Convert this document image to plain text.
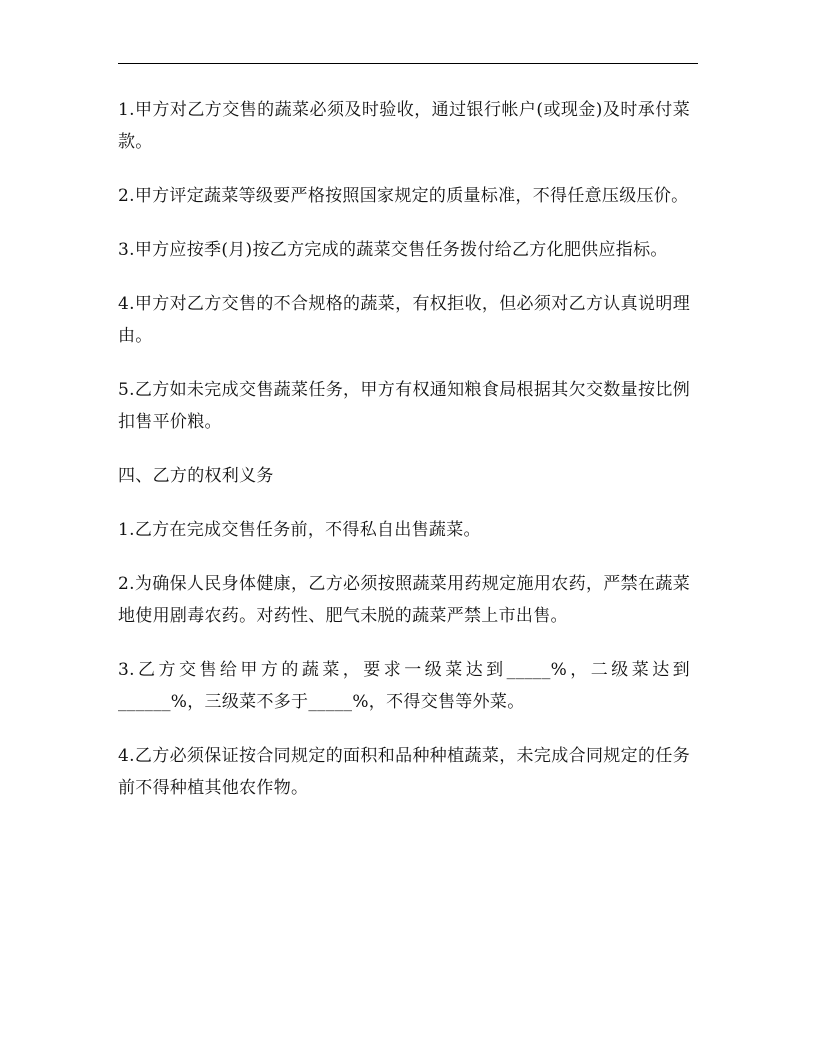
1.甲方对乙方交售的蔬菜必须及时验收，通过银行帐户(或现金)及时承付菜款。

2.甲方评定蔬菜等级要严格按照国家规定的质量标准，不得任意压级压价。

3.甲方应按季(月)按乙方完成的蔬菜交售任务拨付给乙方化肥供应指标。

4.甲方对乙方交售的不合规格的蔬菜，有权拒收，但必须对乙方认真说明理由。

5.乙方如未完成交售蔬菜任务，甲方有权通知粮食局根据其欠交数量按比例扣售平价粮。

四、乙方的权利义务

1.乙方在完成交售任务前，不得私自出售蔬菜。

2.为确保人民身体健康，乙方必须按照蔬菜用药规定施用农药，严禁在蔬菜地使用剧毒农药。对药性、肥气未脱的蔬菜严禁上市出售。

3.乙方交售给甲方的蔬菜，要求一级菜达到_____%，二级菜达到______%，三级菜不多于_____%，不得交售等外菜。

4.乙方必须保证按合同规定的面积和品种种植蔬菜，未完成合同规定的任务前不得种植其他农作物。
